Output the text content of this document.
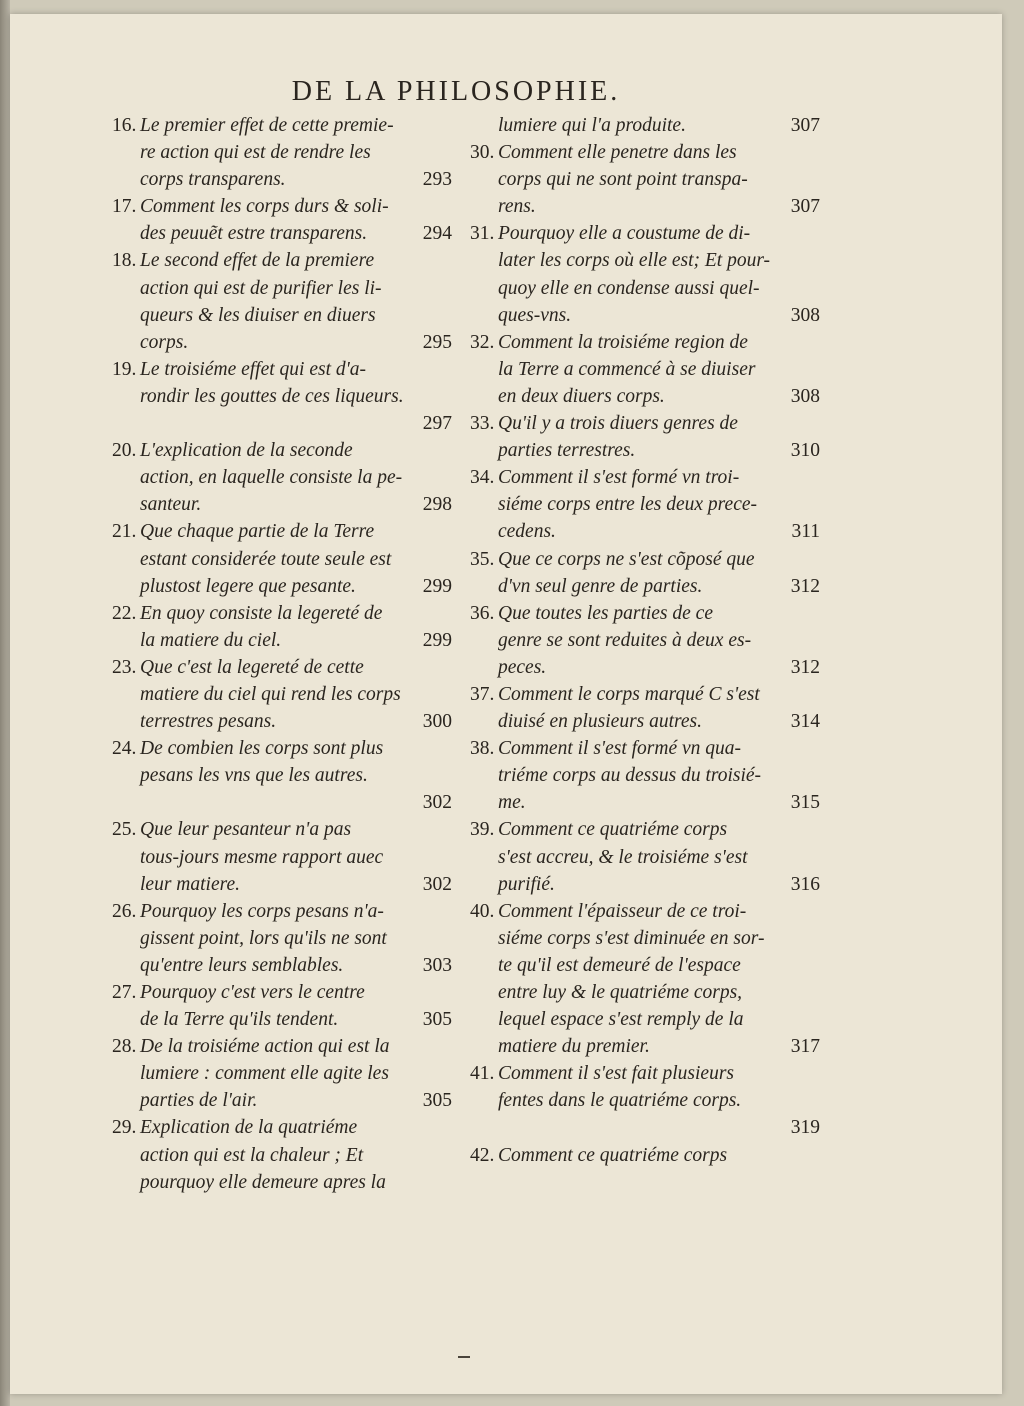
DE LA PHILOSOPHIE.
16. Le premier effet de cette premie-
re action qui est de rendre les
corps transparens.	293
17. Comment les corps durs & soli-
des peuuẽt estre transparens.	294
18. Le second effet de la premiere
action qui est de purifier les li-
queurs & les diuiser en diuers
corps.	295
19. Le troisiéme effet qui est d'a-
rondir les gouttes de ces liqueurs.
297
20. L'explication de la seconde
action, en laquelle consiste la pe-
santeur.	298
21. Que chaque partie de la Terre
estant considerée toute seule est
plustost legere que pesante.	299
22. En quoy consiste la legereté de
la matiere du ciel.	299
23. Que c'est la legereté de cette
matiere du ciel qui rend les corps
terrestres pesans.	300
24. De combien les corps sont plus
pesans les vns que les autres.
302
25. Que leur pesanteur n'a pas
tous-jours mesme rapport auec
leur matiere.	302
26. Pourquoy les corps pesans n'a-
gissent point, lors qu'ils ne sont
qu'entre leurs semblables.	303
27. Pourquoy c'est vers le centre
de la Terre qu'ils tendent.	305
28. De la troisiéme action qui est la
lumiere : comment elle agite les
parties de l'air.	305
29. Explication de la quatriéme
action qui est la chaleur ; Et
pourquoy elle demeure apres la
lumiere qui l'a produite.	307
30. Comment elle penetre dans les
corps qui ne sont point transpa-
rens.	307
31. Pourquoy elle a coustume de di-
later les corps où elle est; Et pour-
quoy elle en condense aussi quel-
ques-vns.	308
32. Comment la troisiéme region de
la Terre a commencé à se diuiser
en deux diuers corps.	308
33. Qu'il y a trois diuers genres de
parties terrestres.	310
34. Comment il s'est formé vn troi-
siéme corps entre les deux prece-
cedens.	311
35. Que ce corps ne s'est cõposé que
d'vn seul genre de parties.	312
36. Que toutes les parties de ce
genre se sont reduites à deux es-
peces.	312
37. Comment le corps marqué C s'est
diuisé en plusieurs autres.	314
38. Comment il s'est formé vn qua-
triéme corps au dessus du troisié-
me.	315
39. Comment ce quatriéme corps
s'est accreu, & le troisiéme s'est
purifié.	316
40. Comment l'épaisseur de ce troi-
siéme corps s'est diminuée en sor-
te qu'il est demeuré de l'espace
entre luy & le quatriéme corps,
lequel espace s'est remply de la
matiere du premier.	317
41. Comment il s'est fait plusieurs
fentes dans le quatriéme corps.
319
42. Comment ce quatriéme corps
